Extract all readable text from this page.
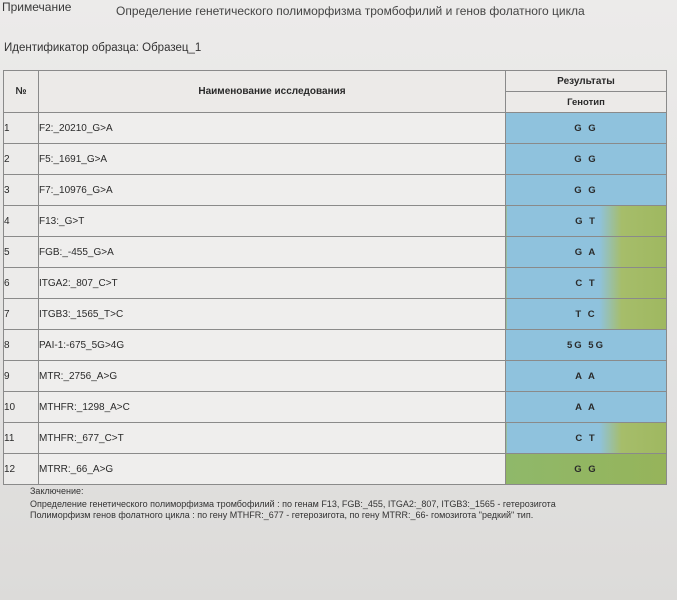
Примечание	Определение генетического полиморфизма тромбофилий и генов фолатного цикла
Идентификатор образца: Образец_1
№	Наименование исследования	Результаты
		Генотип
1	F2:_20210_G>A	G G
2	F5:_1691_G>A	G G
3	F7:_10976_G>A	G G
4	F13:_G>T	G T
5	FGB:_-455_G>A	G A
6	ITGA2:_807_C>T	C T
7	ITGB3:_1565_T>C	T C
8	PAI-1:-675_5G>4G	5G 5G
9	MTR:_2756_A>G	A A
10	MTHFR:_1298_A>C	A A
11	MTHFR:_677_C>T	C T
12	MTRR:_66_A>G	G G
Заключение:

Определение генетического полиморфизма тромбофилий : по генам F13, FGB:_455, ITGA2:_807, ITGB3:_1565 - гетерозигота

Полиморфизм генов фолатного цикла : по гену MTHFR:_677 - гетерозигота, по гену MTRR:_66- гомозигота "редкий" тип.
